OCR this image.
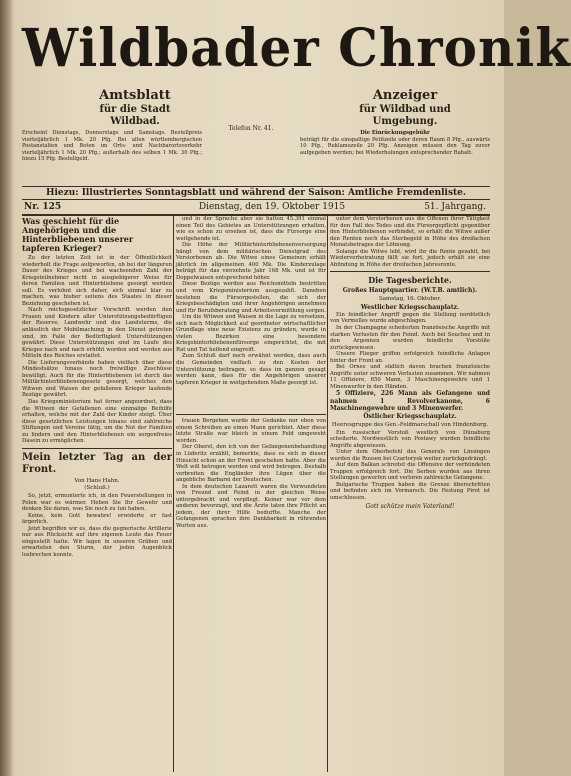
Wildbader Chronik
Amtsblatt
für die Stadt Wildbad.
Anzeiger
für Wildbad und Umgebung.
Erscheint Dienstags, Donnerstags und Samstags. Bestellpreis vierteljährlich 1 Mk. 20 Pfg. Bei allen württembergischen Postanstalten und Boten im Orts- und Nachbarortsverkehr vierteljährlich 1 Mk. 20 Pfg.; außerhalb des selben 1 Mk. 30 Pfg.; hiezu 15 Pfg. Bestellgeld.
Telefon Nr. 41.
Die Einrückungsgebühr
beträgt für die einspaltige Petitzeile oder deren Raum 8 Pfg., auswärts 10 Pfg., Reklamezeile 20 Pfg. Anzeigen müssen den Tag zuvor aufgegeben werden; bei Wiederholungen entsprechender Rabatt.
Hiezu: Illustriertes Sonntagsblatt und während der Saison: Amtliche Fremdenliste.
Nr. 125	Dienstag, den 19. Oktober 1915	51. Jahrgang.
Was geschieht für die Angehörigen und die Hinterbliebenen unserer tapferen Krieger?

Zu der letzten Zeit ist in der Öffentlichkeit wiederholt die Frage aufgeworfen, ob bei der längeren Dauer des Krieges und bei wachsenden Zahl der Kriegsteilnehmer nicht in ausgiebigerer Weise für deren Familien und Hinterbliebene gesorgt werden soll. Es verlohnt sich daher, sich einmal klar zu machen, was bisher seitens des Staates in dieser Beziehung geschehen ist.

Nach reichsgesetzlicher Vorschrift werden den Frauen und Kindern aller Unterstützungsbedürftigen der Reserve, Landwehr und des Landsturms, die anlässlich der Mobilmachung in den Dienst getreten sind, im Falle der Bedürftigkeit Unterstützungen gewährt. Diese Unterstützungen sind im Laufe des Krieges nach und nach erhöht worden und werden aus Mitteln des Reiches erstattet.

Die Lieferungsverbände haben vielfach über diese Mindestsätze hinaus noch freiwillige Zuschüsse bewilligt. Auch für die Hinterbliebenen ist durch das Militärhinterbliebenengesetz gesorgt, welches den Witwen und Waisen der gefallenen Krieger laufende Bezüge gewährt.

Das Kriegsministerium hat ferner angeordnet, dass die Witwen der Gefallenen eine einmalige Beihilfe erhalten, welche mit der Zahl der Kinder steigt. Über diese gesetzlichen Leistungen hinaus sind zahlreiche Stiftungen und Vereine tätig, um die Not der Familien zu lindern und den Hinterbliebenen ein sorgenfreies Dasein zu ermöglichen.

Mein letzter Tag an der Front.
Von Hans Hahn.
(Schluß.)

So, jetzt, ermunterte ich, in den Feuerstellungen in Polen war es wärmer. Heben Sie Ihr Gewehr und denken Sie daran, was Sie noch zu tun haben.

Keine, kein Gott bewahre! erwiderte er fast ärgerlich.

Jetzt begriffen wir es, dass die gegnerische Artillerie nur aus Rücksicht auf ihre eigenen Leute das Feuer eingestellt hatte. Wir lagen in unseren Gräben und erwarteten den Sturm, der jeden Augenblick losbrechen konnte.

und in der Sprache aber sie hatten 45.391 einmal einen Teil des Gebietes an Unterstützungen erhalten, wie es schon zu ersehen ist, dass die Fürsorge eine weitgehende ist.

Die Höhe der Militärhinterbliebenenversorgung hängt von dem militärischen Dienstgrad des Verstorbenen ab. Die Witwe eines Gemeinen erhält jährlich im allgemeinen 400 Mk. Die Kinderzulage beträgt für das vierzehnte Jahr 168 Mk. und ist für Doppelwaisen entsprechend höher.

Diese Bezüge werden aus Reichsmitteln bestritten und vom Kriegsministerium ausgezahlt. Daneben bestehen die Fürsorgestellen, die sich der Kriegsbeschädigten und ihrer Angehörigen annehmen und für Berufsberatung und Arbeitsvermittlung sorgen.

Um die Witwen und Waisen in die Lage zu versetzen, sich nach Möglichkeit auf geordneter wirtschaftlicher Grundlage eine neue Existenz zu gründen, wurde in vielen Bezirken eine besondere Kriegshinterbliebenenfürsorge eingerichtet, die mit Rat und Tat helfend eingreift.

Zum Schluß darf noch erwähnt werden, dass auch die Gemeinden vielfach zu den Kosten der Unterstützung beitragen, so dass im ganzen gesagt werden kann, dass für die Angehörigen unserer tapferen Krieger in weitgehendem Maße gesorgt ist.

trauen Bergehen wurde der Gedanke nur eben von einem Schreiben an einen Mann gerichtet. Aber diese letzte Straße war bleich in einem Feld umgeweht worden.

Der Oberst, den ich von der Gefangenenbehandlung in Lüderitz erzählt, bemerkte, dass es sich in dieser Hinsicht schon an der Front geschehen hatte. Aber die Welt will betrogen werden und wird betrogen. Deshalb verbreiten die Engländer ihre Lügen über die angebliche Barbarei der Deutschen.

In dem deutschen Lazarett waren die Verwundeten von Freund und Feind in der gleichen Weise untergebracht und verpflegt. Keiner war vor dem anderen bevorzugt, und die Ärzte taten ihre Pflicht an jedem, der ihrer Hilfe bedurfte. Manche der Gefangenen sprachen ihre Dankbarkeit in rührenden Worten aus.

unter dem Verstorbenen aus die Offenen ihrer Tätigkeit für den Fall des Todes und die Fürsorgepflicht gegenüber den Hinterbliebenen verbindet, so erhält die Witwe außer den Renten noch das Sterbegeld in Höhe des dreifachen Monatsbetrages der Löhnung.

Solange die Witwe lebt, wird ihr die Rente gezahlt, bei Wiederverheiratung fällt sie fort, jedoch erhält sie eine Abfindung in Höhe der dreifachen Jahresrente.

Die Tagesberichte.
Großes Hauptquartier. (W.T.B. amtlich).
Samstag, 16. Oktober.
Westlicher Kriegsschauplatz.

Ein feindlicher Angriff gegen die Stellung nordöstlich von Vermelles wurde abgeschlagen.

In der Champagne scheiterten französische Angriffe mit starken Verlusten für den Feind. Auch bei Souchez und in den Argonnen wurden feindliche Vorstöße zurückgewiesen.

Unsere Flieger griffen erfolgreich feindliche Anlagen hinter der Front an.

Bei Ornes und südlich davon brachen französische Angriffe unter schweren Verlusten zusammen. Wir nahmen 11 Offiziere, 650 Mann, 3 Maschinengewehre und 1 Minenwerfer in den Händen.

5 Offiziere, 226 Mann als Gefangene und nahmen 1 Revolverkanone, 6 Maschinengewehre und 3 Minenwerfer.

Östlicher Kriegsschauplatz.
Heeresgruppe des Gen.-Feldmarschall von Hindenburg.

Ein russischer Vorstoß westlich von Dünaburg scheiterte. Nordwestlich von Postawy wurden feindliche Angriffe abgewiesen.

Unter dem Oberbefehl des Generals von Linsingen wurden die Russen bei Czartorysk weiter zurückgedrängt.

Auf dem Balkan schreitet die Offensive der verbündeten Truppen erfolgreich fort. Die Serben wurden aus ihren Stellungen geworfen und verloren zahlreiche Gefangene.

Bulgarische Truppen haben die Grenze überschritten und befinden sich im Vormarsch. Die Festung Pirot ist umschlossen.

Gott schütze mein Vaterland!
